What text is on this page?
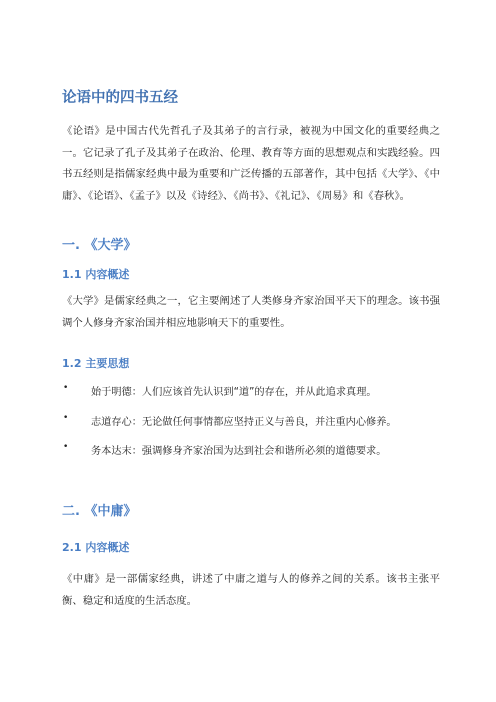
论语中的四书五经

《论语》是中国古代先哲孔子及其弟子的言行录，被视为中国文化的重要经典之一。它记录了孔子及其弟子在政治、伦理、教育等方面的思想观点和实践经验。四书五经则是指儒家经典中最为重要和广泛传播的五部著作，其中包括《大学》、《中庸》、《论语》、《孟子》以及《诗经》、《尚书》、《礼记》、《周易》和《春秋》。

一. 《大学》
1.1 内容概述

《大学》是儒家经典之一，它主要阐述了人类修身齐家治国平天下的理念。该书强调个人修身齐家治国并相应地影响天下的重要性。

1.2 主要思想
• 始于明德：人们应该首先认识到“道”的存在，并从此追求真理。
• 志道存心：无论做任何事情都应坚持正义与善良，并注重内心修养。
• 务本达末：强调修身齐家治国为达到社会和谐所必须的道德要求。
二. 《中庸》
2.1 内容概述

《中庸》是一部儒家经典，讲述了中庸之道与人的修养之间的关系。该书主张平衡、稳定和适度的生活态度。
